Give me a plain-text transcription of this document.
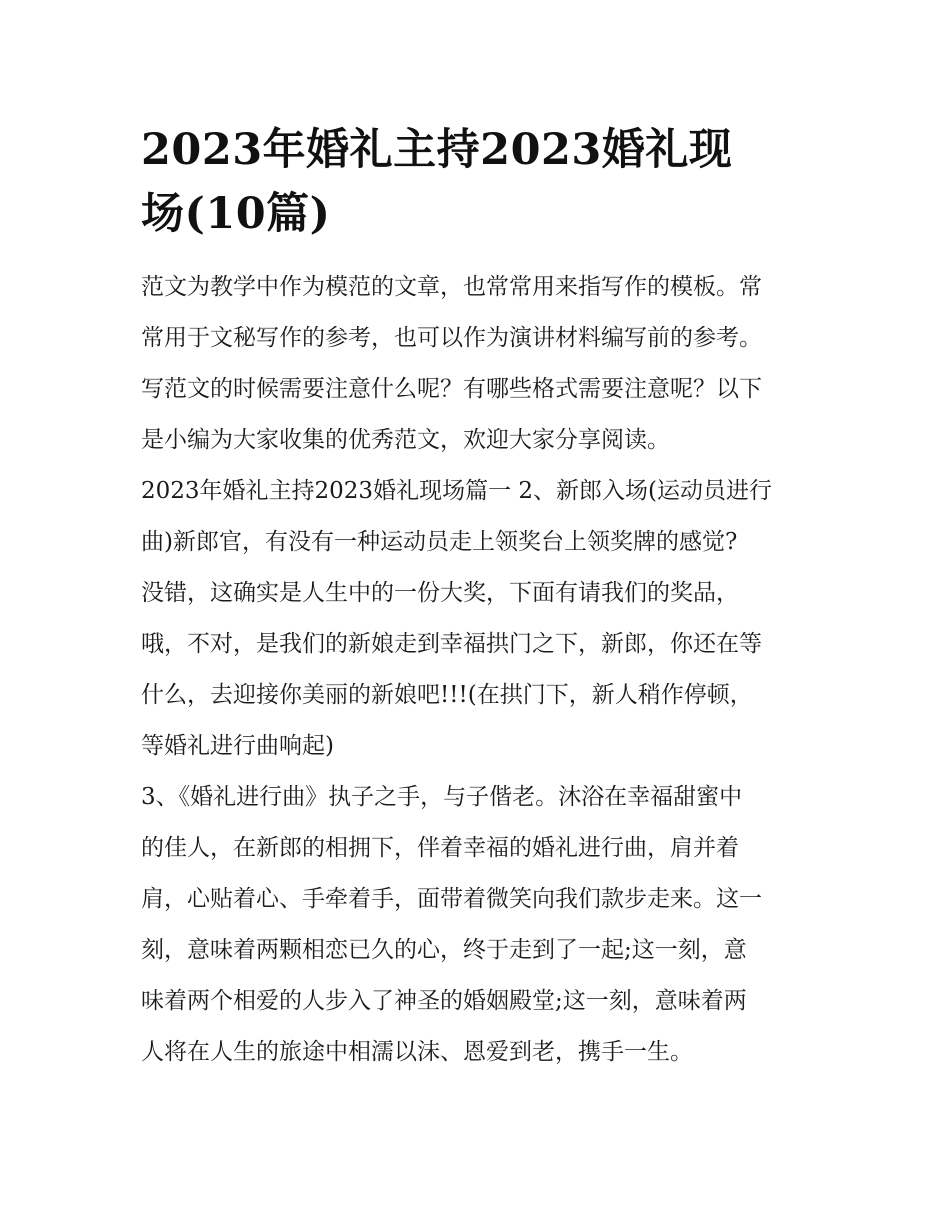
2023年婚礼主持2023婚礼现
场(10篇)

范文为教学中作为模范的文章，也常常用来指写作的模板。常
常用于文秘写作的参考，也可以作为演讲材料编写前的参考。
写范文的时候需要注意什么呢？有哪些格式需要注意呢？以下
是小编为大家收集的优秀范文，欢迎大家分享阅读。

2023年婚礼主持2023婚礼现场篇一 2、新郎入场(运动员进行
曲)新郎官，有没有一种运动员走上领奖台上领奖牌的感觉?
没错，这确实是人生中的一份大奖，下面有请我们的奖品，
哦，不对，是我们的新娘走到幸福拱门之下，新郎，你还在等
什么，去迎接你美丽的新娘吧!!!(在拱门下，新人稍作停顿，
等婚礼进行曲响起)

3、《婚礼进行曲》执子之手，与子偕老。沐浴在幸福甜蜜中
的佳人，在新郎的相拥下，伴着幸福的婚礼进行曲，肩并着
肩，心贴着心、手牵着手，面带着微笑向我们款步走来。这一
刻，意味着两颗相恋已久的心，终于走到了一起;这一刻，意
味着两个相爱的人步入了神圣的婚姻殿堂;这一刻，意味着两
人将在人生的旅途中相濡以沫、恩爱到老，携手一生。
